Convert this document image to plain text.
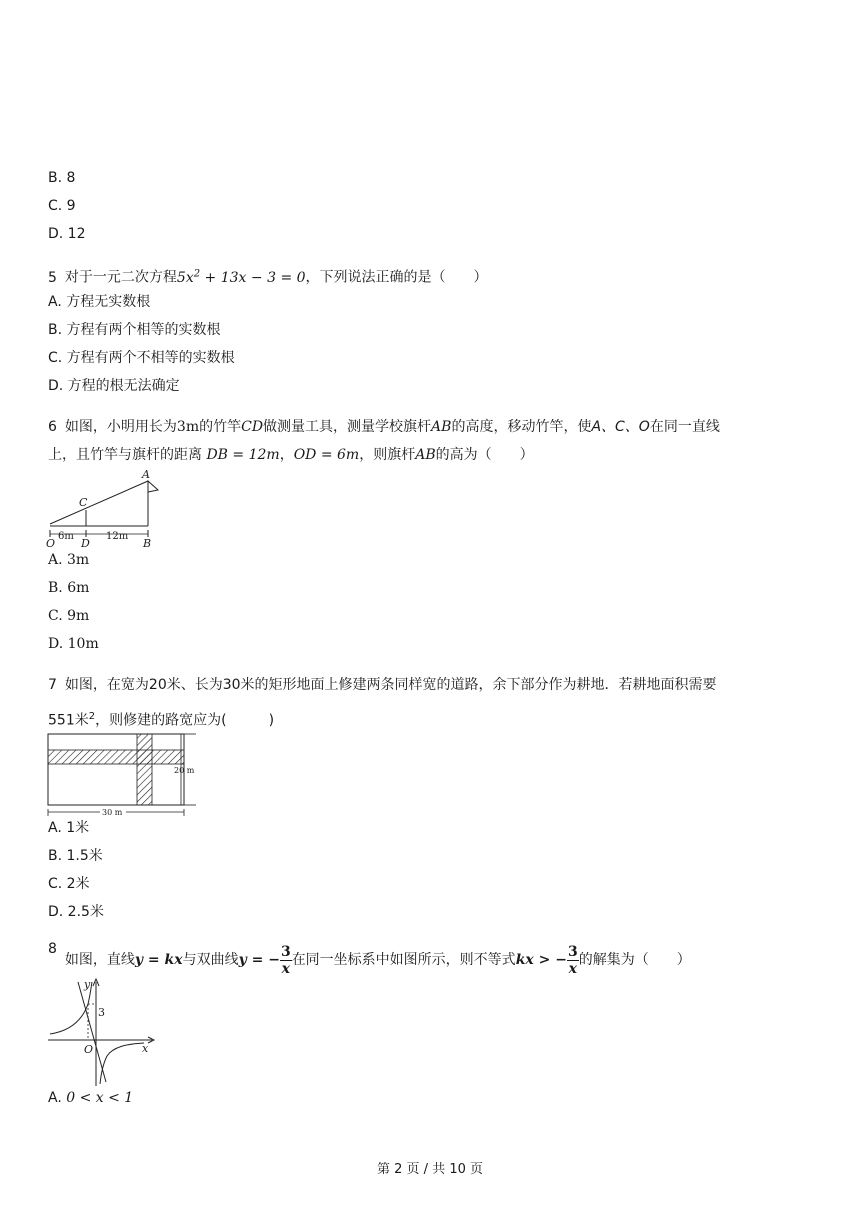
B. 8
C. 9
D. 12
5 对于一元二次方程$5x^2 + 13x - 3 = 0$，下列说法正确的是（　　）
A. 方程无实数根
B. 方程有两个相等的实数根
C. 方程有两个不相等的实数根
D. 方程的根无法确定
6 如图，小明用长为3m的竹竿CD做测量工具，测量学校旗杆AB的高度，移动竹竿，使A、C、O在同一直线
上，且竹竿与旗杆的距离 DB = 12m，OD = 6m，则旗杆AB的高为（　　）
A
C
O D	B
6m	12m
A. 3m
B. 6m
C. 9m
D. 10m
7 如图，在宽为20米、长为30米的矩形地面上修建两条同样宽的道路，余下部分作为耕地．若耕地面积需要
551米$^2$，则修建的路宽应为(　　　)
20 m
30 m
A. 1米
B. 1.5米
C. 2米
D. 2.5米
8如图，直线y = kx与双曲线y = − $\frac{3}{x}$ 在同一坐标系中如图所示，则不等式kx > − $\frac{3}{x}$ 的解集为（　　）
y
x
O
3
A. 0 < x < 1
第 2 页 / 共 10 页
